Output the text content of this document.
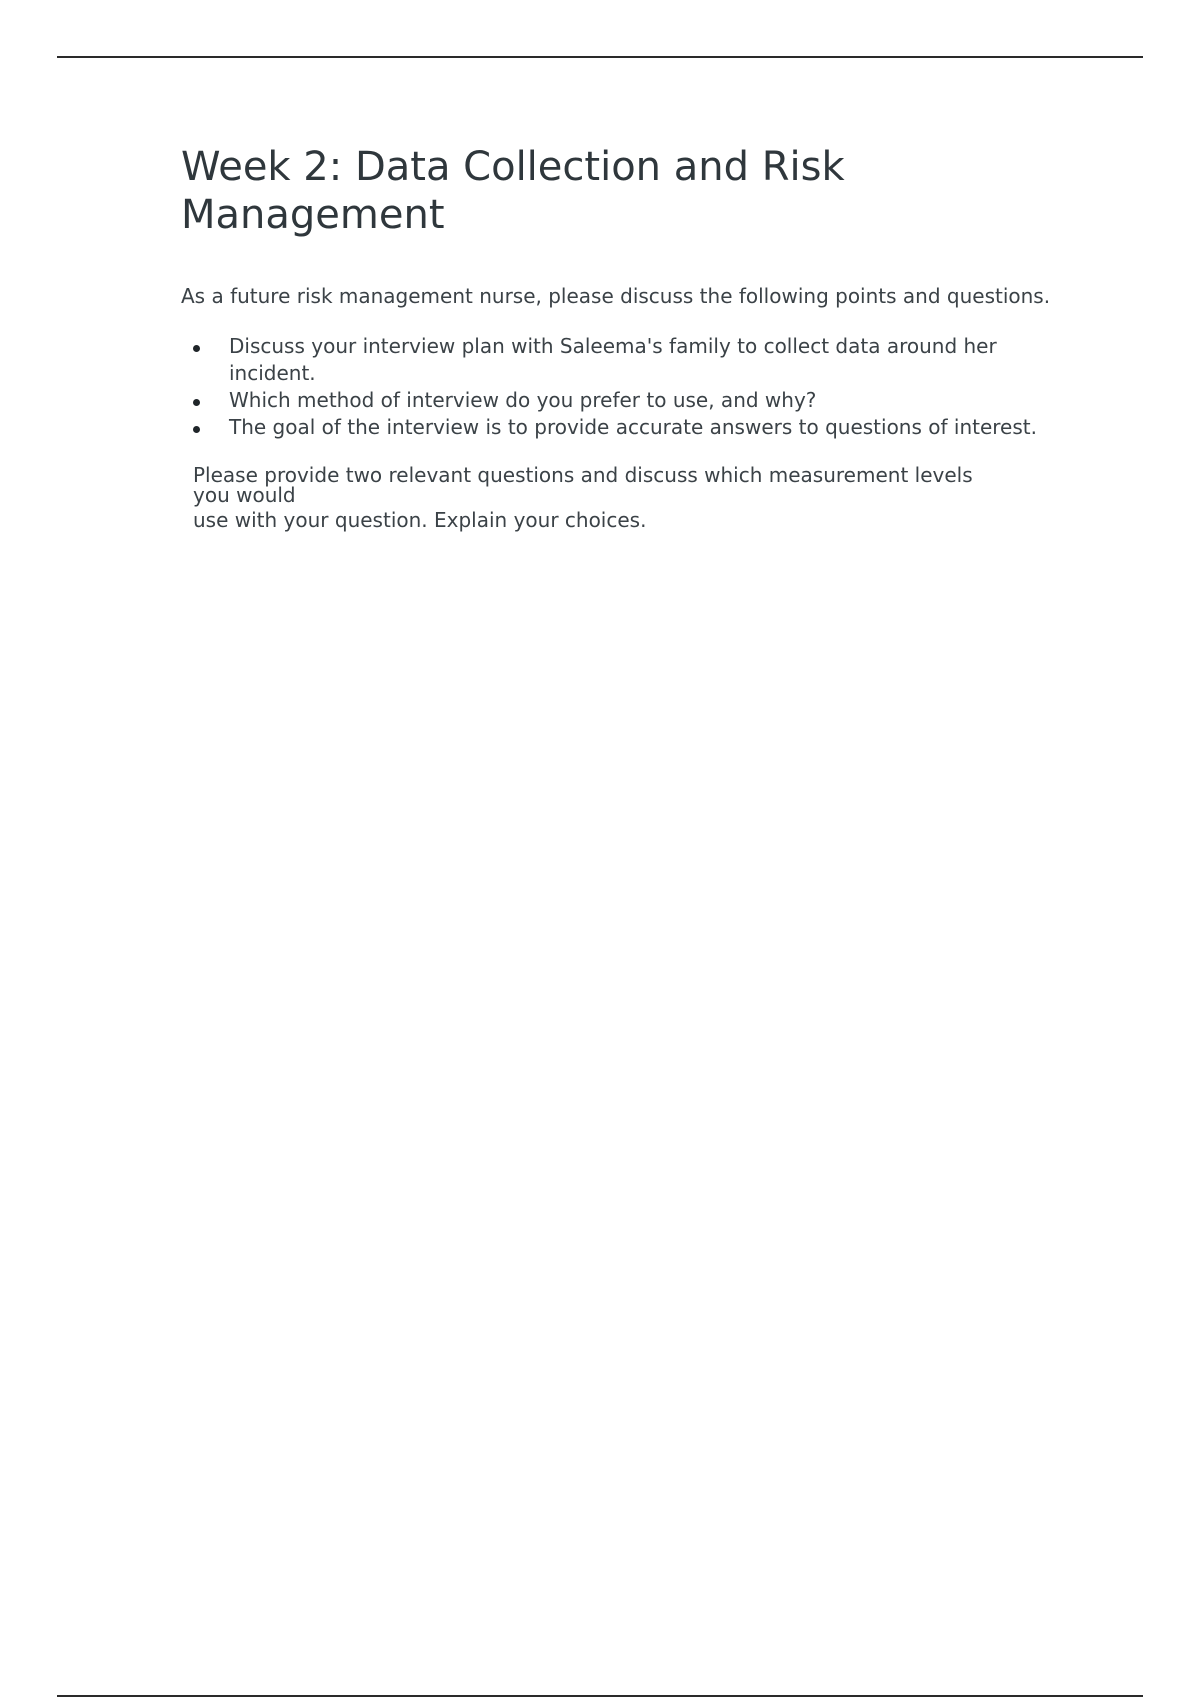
Week 2: Data Collection and Risk Management

As a future risk management nurse, please discuss the following points and questions.

Discuss your interview plan with Saleema's family to collect data around her incident.
Which method of interview do you prefer to use, and why?
The goal of the interview is to provide accurate answers to questions of interest.
Please provide two relevant questions and discuss which measurement levels
you would
use with your question. Explain your choices.
